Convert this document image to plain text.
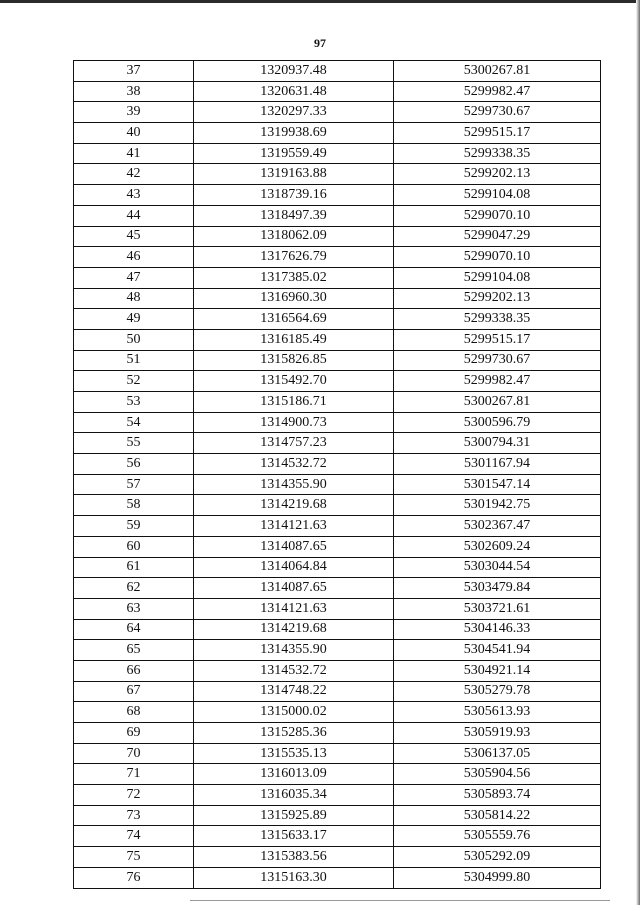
97
37	1320937.48	5300267.81
38	1320631.48	5299982.47
39	1320297.33	5299730.67
40	1319938.69	5299515.17
41	1319559.49	5299338.35
42	1319163.88	5299202.13
43	1318739.16	5299104.08
44	1318497.39	5299070.10
45	1318062.09	5299047.29
46	1317626.79	5299070.10
47	1317385.02	5299104.08
48	1316960.30	5299202.13
49	1316564.69	5299338.35
50	1316185.49	5299515.17
51	1315826.85	5299730.67
52	1315492.70	5299982.47
53	1315186.71	5300267.81
54	1314900.73	5300596.79
55	1314757.23	5300794.31
56	1314532.72	5301167.94
57	1314355.90	5301547.14
58	1314219.68	5301942.75
59	1314121.63	5302367.47
60	1314087.65	5302609.24
61	1314064.84	5303044.54
62	1314087.65	5303479.84
63	1314121.63	5303721.61
64	1314219.68	5304146.33
65	1314355.90	5304541.94
66	1314532.72	5304921.14
67	1314748.22	5305279.78
68	1315000.02	5305613.93
69	1315285.36	5305919.93
70	1315535.13	5306137.05
71	1316013.09	5305904.56
72	1316035.34	5305893.74
73	1315925.89	5305814.22
74	1315633.17	5305559.76
75	1315383.56	5305292.09
76	1315163.30	5304999.80
